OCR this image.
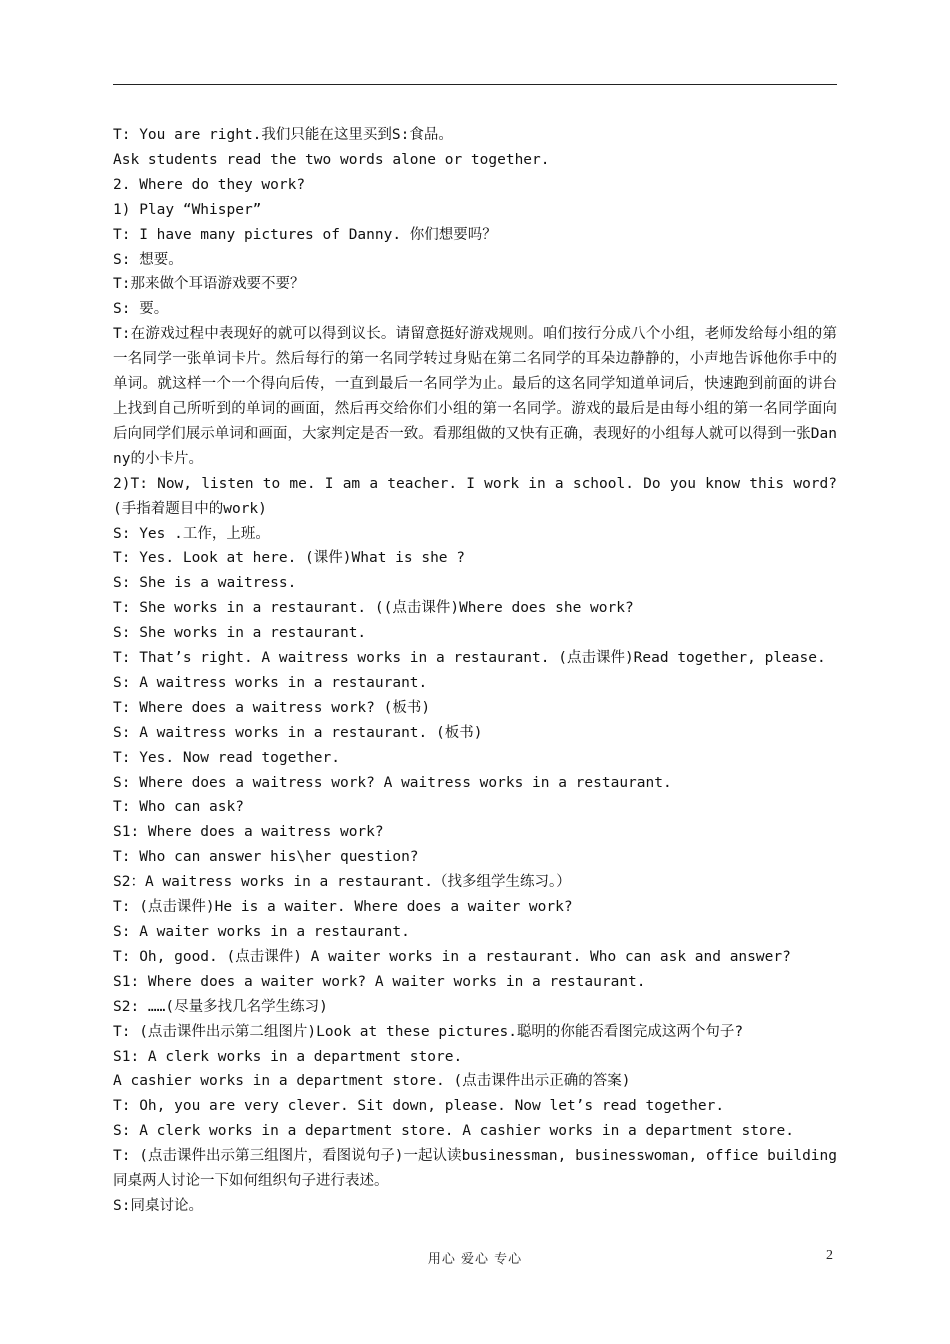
T: You are right.我们只能在这里买到S:食品。
Ask students read the two words alone or together.
2. Where do they work?
1) Play “Whisper”
T: I have many pictures of Danny. 你们想要吗？
S: 想要。
T:那来做个耳语游戏要不要？
S: 要。
T:在游戏过程中表现好的就可以得到议长。请留意挺好游戏规则。咱们按行分成八个小组，老师发给每小组的第一名同学一张单词卡片。然后每行的第一名同学转过身贴在第二名同学的耳朵边静静的，小声地告诉他你手中的单词。就这样一个一个得向后传，一直到最后一名同学为止。最后的这名同学知道单词后，快速跑到前面的讲台上找到自己所听到的单词的画面，然后再交给你们小组的第一名同学。游戏的最后是由每小组的第一名同学面向后向同学们展示单词和画面，大家判定是否一致。看那组做的又快有正确，表现好的小组每人就可以得到一张Danny的小卡片。
2)T: Now, listen to me. I am a teacher. I work in a school. Do you know this word? (手指着题目中的work)
S: Yes .工作，上班。
T: Yes. Look at here. (课件)What is she ?
S: She is a waitress.
T: She works in a restaurant. ((点击课件)Where does she work?
S: She works in a restaurant.
T: That’s right. A waitress works in a restaurant. (点击课件)Read together, please.
S: A waitress works in a restaurant.
T: Where does a waitress work? (板书)
S: A waitress works in a restaurant. (板书)
T: Yes. Now read together.
S: Where does a waitress work? A waitress works in a restaurant.
T: Who can ask?
S1: Where does a waitress work?
T: Who can answer his\her question?
S2：A waitress works in a restaurant.（找多组学生练习。）
T: (点击课件)He is a waiter. Where does a waiter work?
S: A waiter works in a restaurant.
T: Oh, good. (点击课件) A waiter works in a restaurant. Who can ask and answer?
S1: Where does a waiter work? A waiter works in a restaurant.
S2: ……(尽量多找几名学生练习)
T: (点击课件出示第二组图片)Look at these pictures.聪明的你能否看图完成这两个句子?
S1: A clerk works in a department store.
A cashier works in a department store. (点击课件出示正确的答案)
T: Oh, you are very clever. Sit down, please. Now let’s read together.
S: A clerk works in a department store. A cashier works in a department store.
T: (点击课件出示第三组图片，看图说句子)一起认读businessman, businesswoman, office building同桌两人讨论一下如何组织句子进行表述。
S:同桌讨论。
用心 爱心 专心	2
